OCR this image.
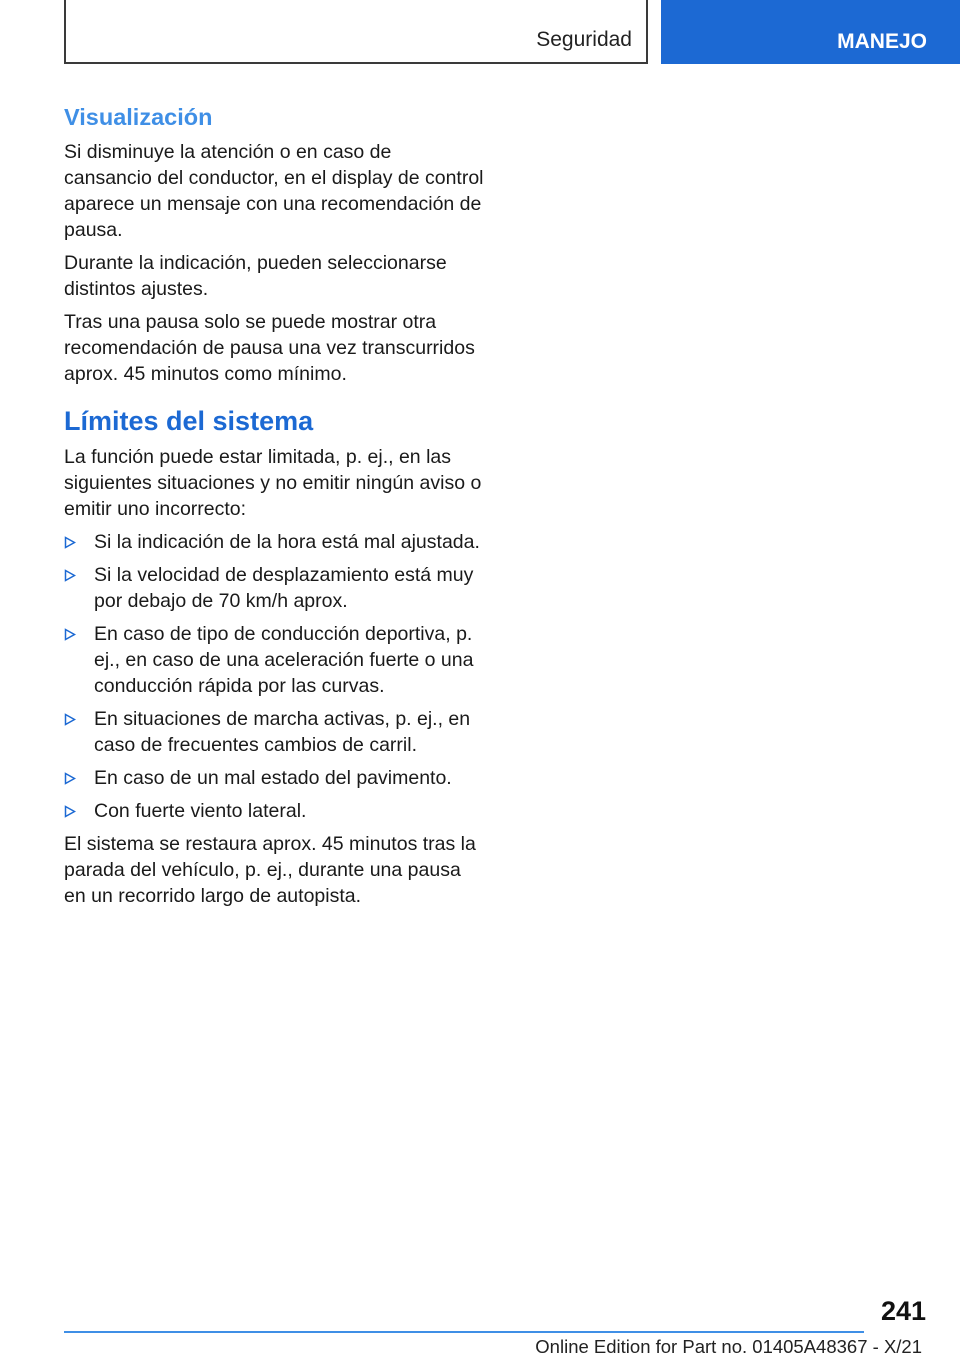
Seguridad	MANEJO
Visualización

Si disminuye la atención o en caso de cansancio del conductor, en el display de control aparece un mensaje con una recomendación de pausa.

Durante la indicación, pueden seleccionarse distintos ajustes.

Tras una pausa solo se puede mostrar otra recomendación de pausa una vez transcurridos aprox. 45 minutos como mínimo.

Límites del sistema

La función puede estar limitada, p. ej., en las siguientes situaciones y no emitir ningún aviso o emitir uno incorrecto:

Si la indicación de la hora está mal ajustada.
Si la velocidad de desplazamiento está muy por debajo de 70 km/h aprox.
En caso de tipo de conducción deportiva, p. ej., en caso de una aceleración fuerte o una conducción rápida por las curvas.
En situaciones de marcha activas, p. ej., en caso de frecuentes cambios de carril.
En caso de un mal estado del pavimento.
Con fuerte viento lateral.

El sistema se restaura aprox. 45 minutos tras la parada del vehículo, p. ej., durante una pausa en un recorrido largo de autopista.

241
Online Edition for Part no. 01405A48367 - X/21
